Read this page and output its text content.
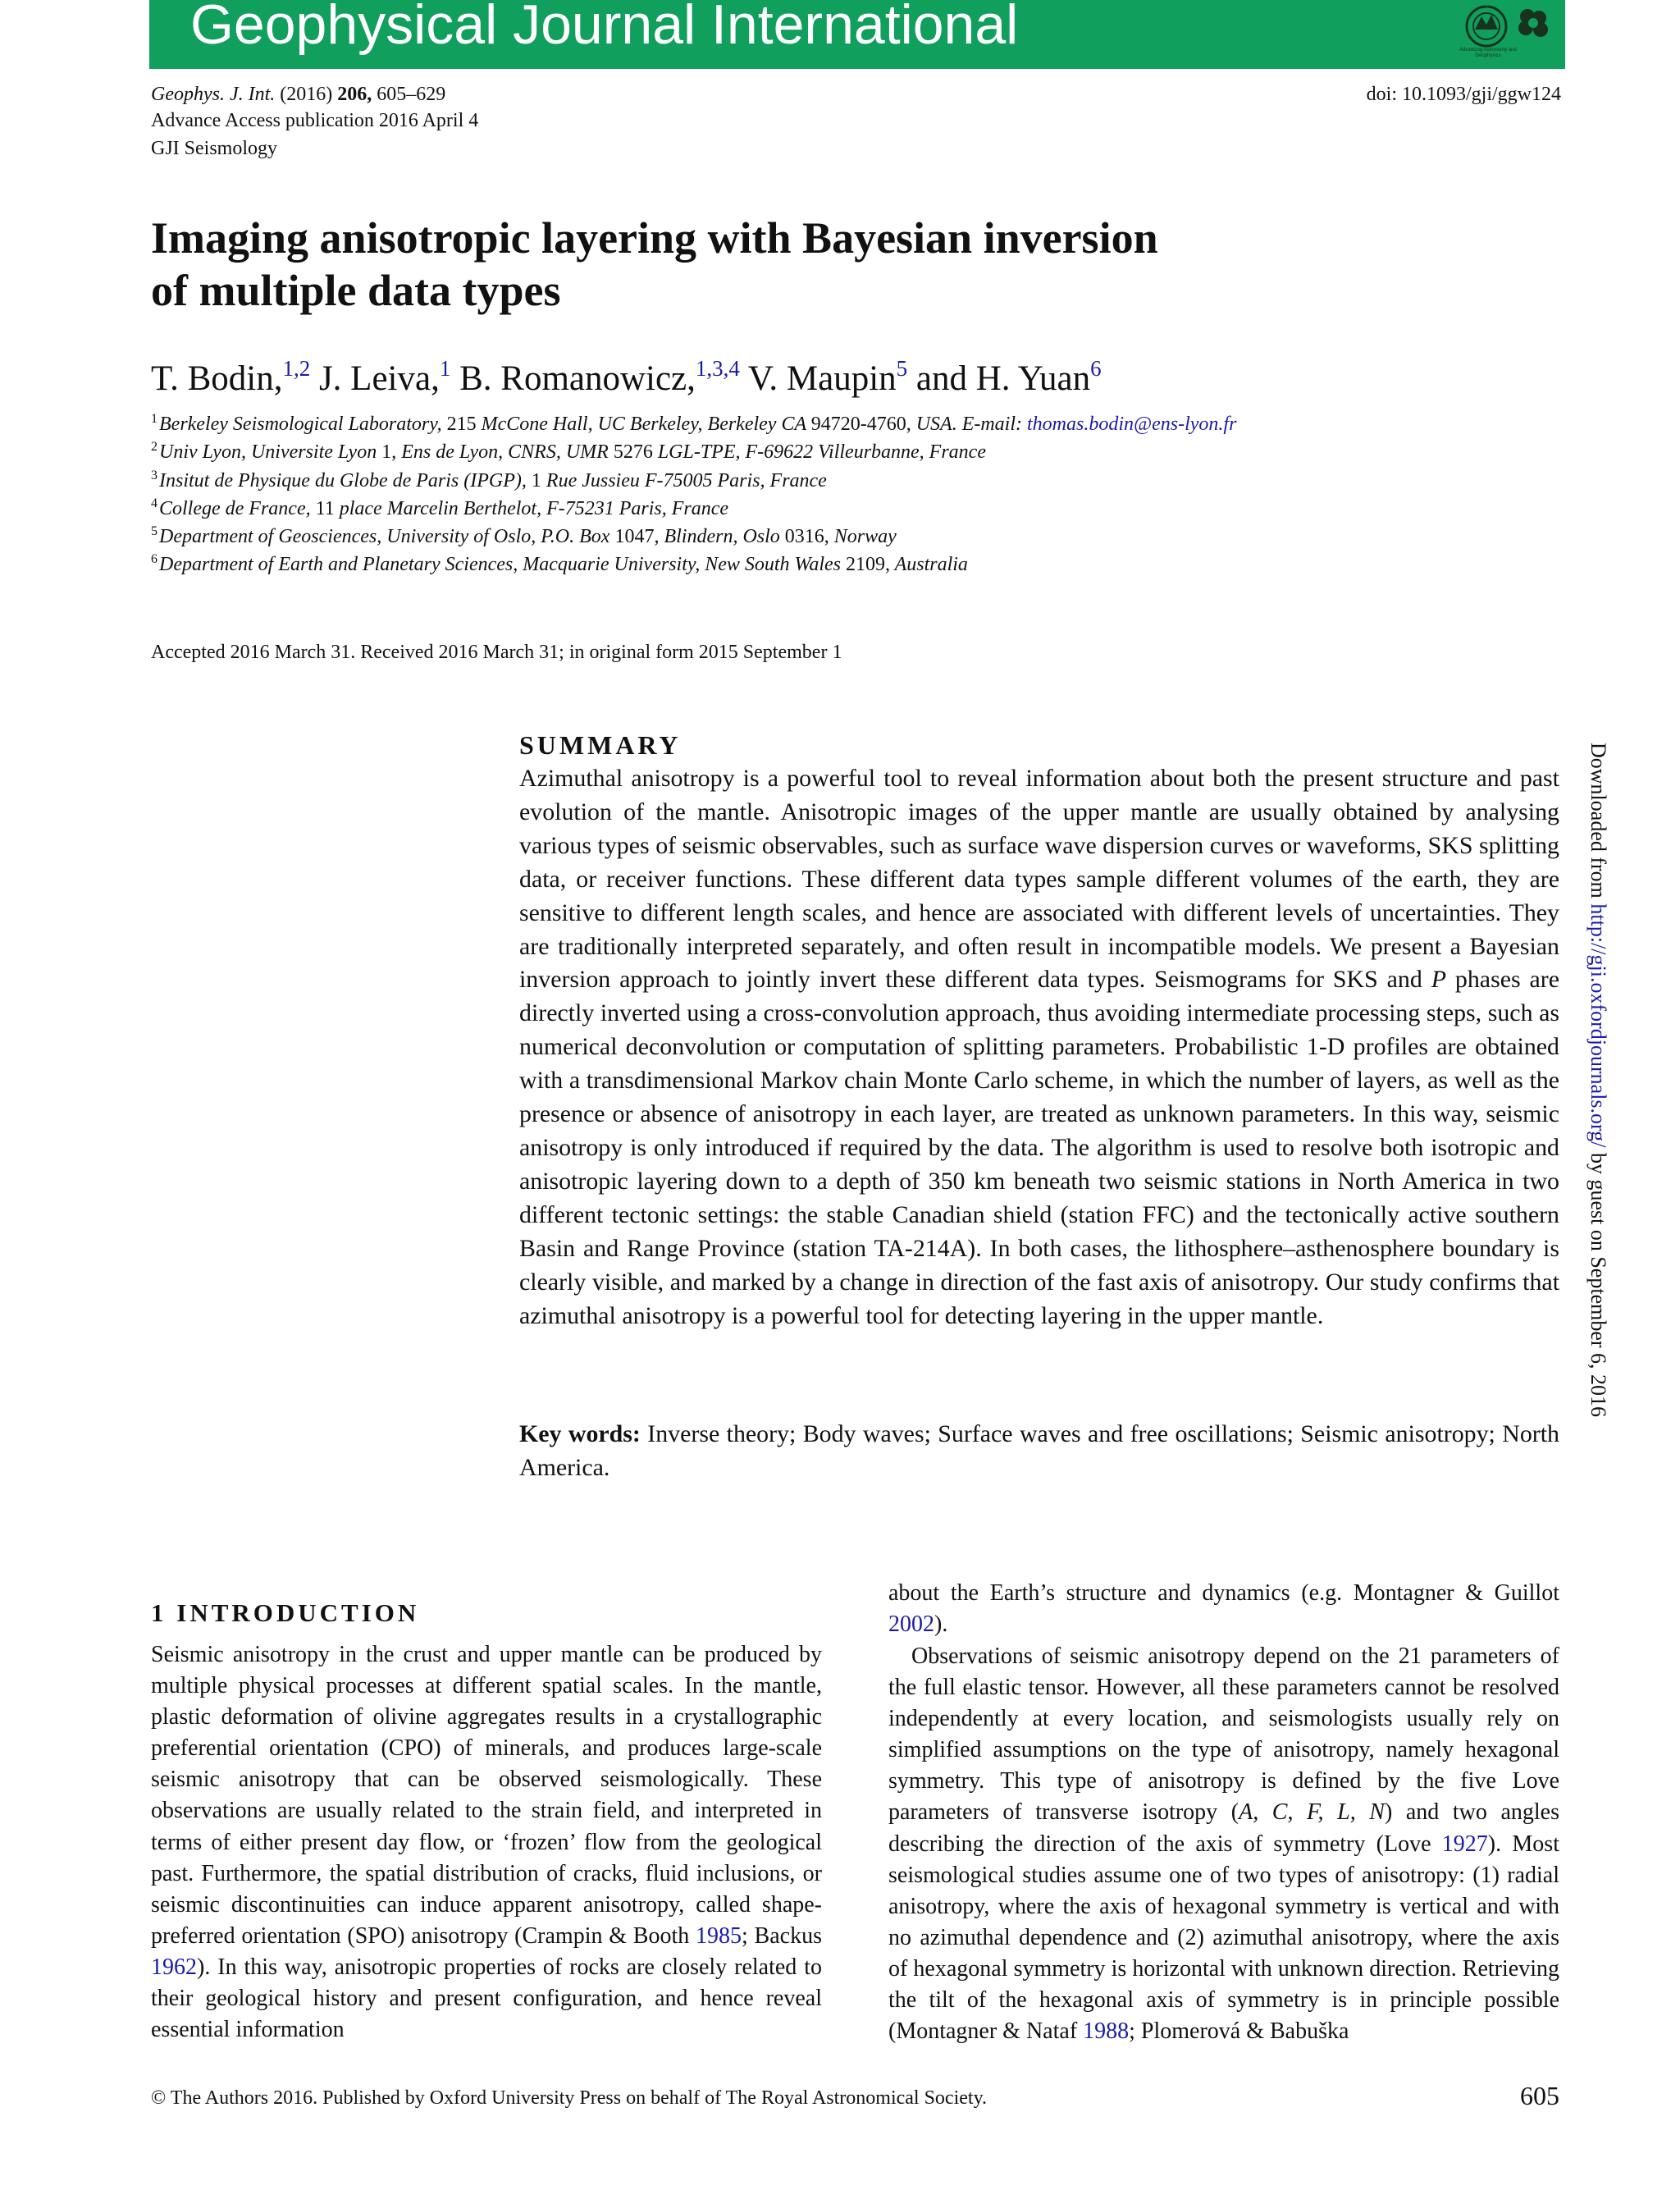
Geophysical Journal International	Advancing Astronomy and Geophysics
Geophys. J. Int. (2016) 206, 605–629
Advance Access publication 2016 April 4
GJI Seismology
doi: 10.1093/gji/ggw124
Imaging anisotropic layering with Bayesian inversion
of multiple data types
T. Bodin,$^{1,2}$ J. Leiva,$^1$ B. Romanowicz,$^{1,3,4}$ V. Maupin$^5$ and H. Yuan$^6$
$^1$Berkeley Seismological Laboratory, 215 McCone Hall, UC Berkeley, Berkeley CA 94720-4760, USA. E-mail: thomas.bodin@ens-lyon.fr
$^2$Univ Lyon, Universite Lyon 1, Ens de Lyon, CNRS, UMR 5276 LGL-TPE, F-69622 Villeurbanne, France
$^3$Insitut de Physique du Globe de Paris (IPGP), 1 Rue Jussieu F-75005 Paris, France
$^4$College de France, 11 place Marcelin Berthelot, F-75231 Paris, France
$^5$Department of Geosciences, University of Oslo, P.O. Box 1047, Blindern, Oslo 0316, Norway
$^6$Department of Earth and Planetary Sciences, Macquarie University, New South Wales 2109, Australia
Accepted 2016 March 31. Received 2016 March 31; in original form 2015 September 1
SUMMARY

Azimuthal anisotropy is a powerful tool to reveal information about both the present structure and past evolution of the mantle. Anisotropic images of the upper mantle are usually obtained by analysing various types of seismic observables, such as surface wave dispersion curves or waveforms, SKS splitting data, or receiver functions. These different data types sample different volumes of the earth, they are sensitive to different length scales, and hence are associated with different levels of uncertainties. They are traditionally interpreted separately, and often result in incompatible models. We present a Bayesian inversion approach to jointly invert these different data types. Seismograms for SKS and P phases are directly inverted using a cross-convolution approach, thus avoiding intermediate processing steps, such as numerical deconvolution or computation of splitting parameters. Probabilistic 1-D profiles are obtained with a transdimensional Markov chain Monte Carlo scheme, in which the number of layers, as well as the presence or absence of anisotropy in each layer, are treated as unknown parameters. In this way, seismic anisotropy is only introduced if required by the data. The algorithm is used to resolve both isotropic and anisotropic layering down to a depth of 350 km beneath two seismic stations in North America in two different tectonic settings: the stable Canadian shield (station FFC) and the tectonically active southern Basin and Range Province (station TA-214A). In both cases, the lithosphere–asthenosphere boundary is clearly visible, and marked by a change in direction of the fast axis of anisotropy. Our study confirms that azimuthal anisotropy is a powerful tool for detecting layering in the upper mantle.

Key words: Inverse theory; Body waves; Surface waves and free oscillations; Seismic anisotropy; North America.

Downloaded from http://gji.oxfordjournals.org/ by guest on September 6, 2016
1 INTRODUCTION

Seismic anisotropy in the crust and upper mantle can be produced by multiple physical processes at different spatial scales. In the mantle, plastic deformation of olivine aggregates results in a crystallographic preferential orientation (CPO) of minerals, and produces large-scale seismic anisotropy that can be observed seismologically. These observations are usually related to the strain field, and interpreted in terms of either present day flow, or ‘frozen’ flow from the geological past. Furthermore, the spatial distribution of cracks, fluid inclusions, or seismic discontinuities can induce apparent anisotropy, called shape-preferred orientation (SPO) anisotropy (Crampin & Booth 1985; Backus 1962). In this way, anisotropic properties of rocks are closely related to their geological history and present configuration, and hence reveal essential information

about the Earth’s structure and dynamics (e.g. Montagner & Guillot 2002).

Observations of seismic anisotropy depend on the 21 parameters of the full elastic tensor. However, all these parameters cannot be resolved independently at every location, and seismologists usually rely on simplified assumptions on the type of anisotropy, namely hexagonal symmetry. This type of anisotropy is defined by the five Love parameters of transverse isotropy (A, C, F, L, N) and two angles describing the direction of the axis of symmetry (Love 1927). Most seismological studies assume one of two types of anisotropy: (1) radial anisotropy, where the axis of hexagonal symmetry is vertical and with no azimuthal dependence and (2) azimuthal anisotropy, where the axis of hexagonal symmetry is horizontal with unknown direction. Retrieving the tilt of the hexagonal axis of symmetry is in principle possible (Montagner & Nataf 1988; Plomerová & Babuška

© The Authors 2016. Published by Oxford University Press on behalf of The Royal Astronomical Society.	605
